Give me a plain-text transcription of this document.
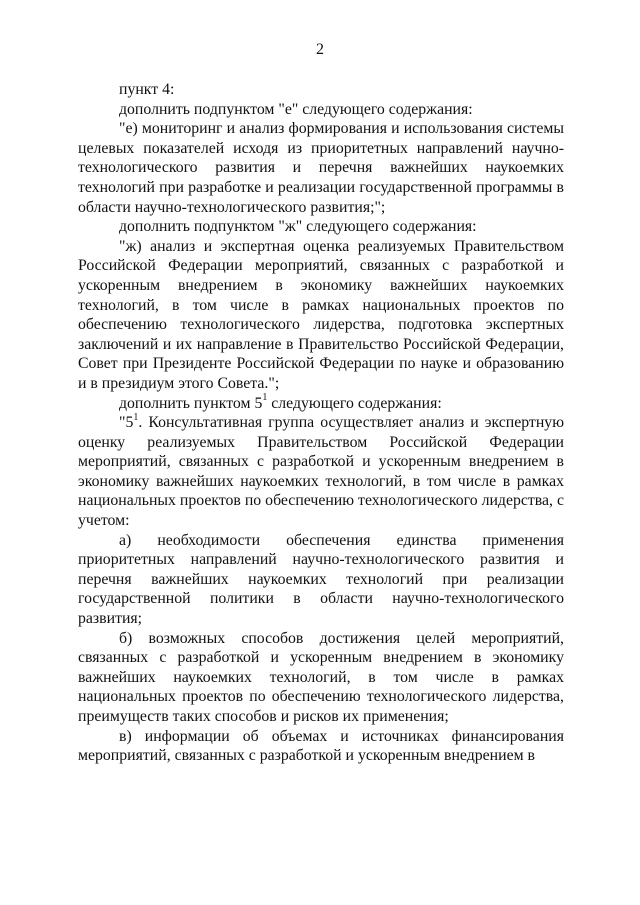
2

пункт 4:

дополнить подпунктом "е" следующего содержания:

"е) мониторинг и анализ формирования и использования системы целевых показателей исходя из приоритетных направлений научно-технологического развития и перечня важнейших наукоемких технологий при разработке и реализации государственной программы в области научно-технологического развития;";

дополнить подпунктом "ж" следующего содержания:

"ж) анализ и экспертная оценка реализуемых Правительством Российской Федерации мероприятий, связанных с разработкой и ускоренным внедрением в экономику важнейших наукоемких технологий, в том числе в рамках национальных проектов по обеспечению технологического лидерства, подготовка экспертных заключений и их направление в Правительство Российской Федерации, Совет при Президенте Российской Федерации по науке и образованию и в президиум этого Совета.";

дополнить пунктом $5^1$ следующего содержания:

"$5^1$. Консультативная группа осуществляет анализ и экспертную оценку реализуемых Правительством Российской Федерации мероприятий, связанных с разработкой и ускоренным внедрением в экономику важнейших наукоемких технологий, в том числе в рамках национальных проектов по обеспечению технологического лидерства, с учетом:

а) необходимости обеспечения единства применения приоритетных направлений научно-технологического развития и перечня важнейших наукоемких технологий при реализации государственной политики в области научно-технологического развития;

б) возможных способов достижения целей мероприятий, связанных с разработкой и ускоренным внедрением в экономику важнейших наукоемких технологий, в том числе в рамках национальных проектов по обеспечению технологического лидерства, преимуществ таких способов и рисков их применения;

в) информации об объемах и источниках финансирования мероприятий, связанных с разработкой и ускоренным внедрением в
